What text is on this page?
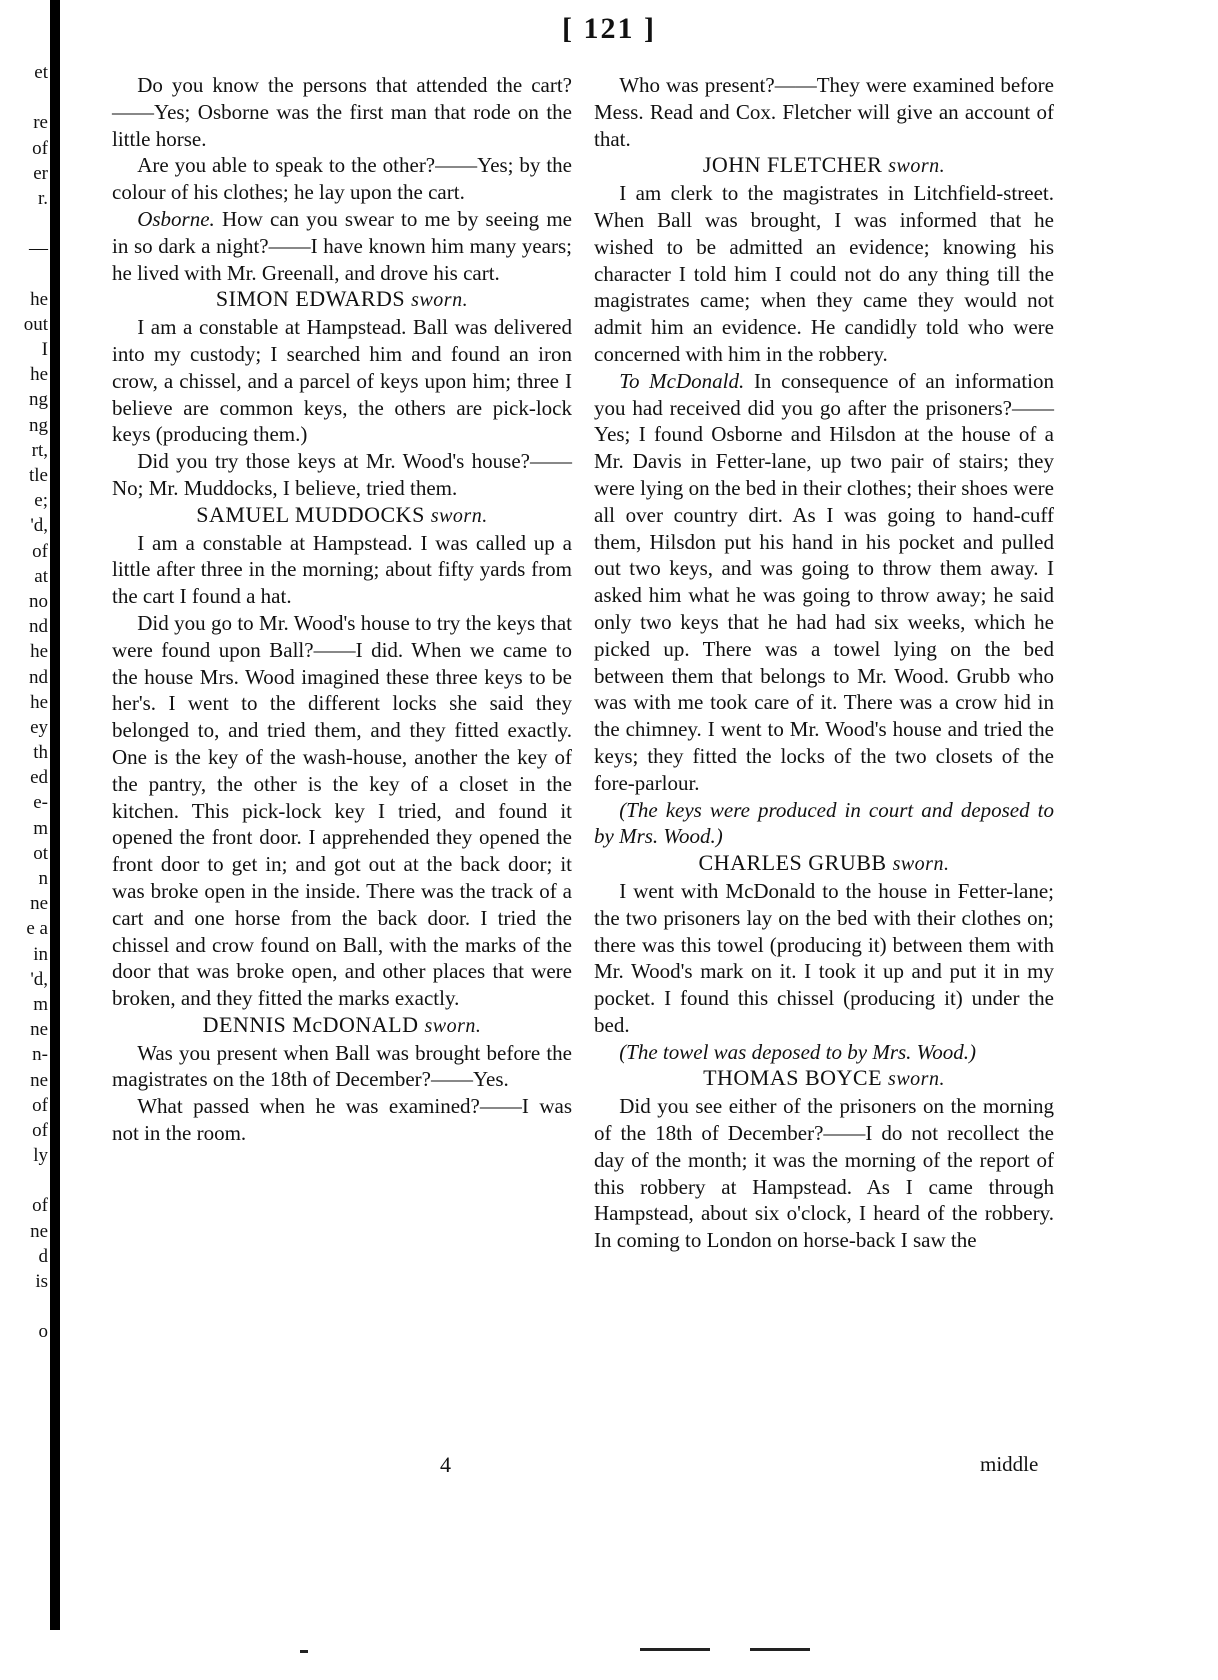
et
re
of
er
r.
—
he
out
I
he
ng
ng
rt,
tle
e;
'd,
of
at
no
nd
he
nd
he
ey
th
ed
e-
m
ot
n
ne
e a
in
'd,
m
ne
n-
ne
of
of
ly
of
ne
d
is
o
[ 121 ]

Do you know the persons that attended the cart?——Yes; Osborne was the first man that rode on the little horse.

Are you able to speak to the other?——Yes; by the colour of his clothes; he lay upon the cart.

Osborne. How can you swear to me by seeing me in so dark a night?——I have known him many years; he lived with Mr. Greenall, and drove his cart.

SIMON EDWARDS sworn.

I am a constable at Hampstead. Ball was delivered into my custody; I searched him and found an iron crow, a chissel, and a parcel of keys upon him; three I believe are common keys, the others are pick-lock keys (producing them.)

Did you try those keys at Mr. Wood's house?——No; Mr. Muddocks, I believe, tried them.

SAMUEL MUDDOCKS sworn.

I am a constable at Hampstead. I was called up a little after three in the morning; about fifty yards from the cart I found a hat.

Did you go to Mr. Wood's house to try the keys that were found upon Ball?——I did. When we came to the house Mrs. Wood imagined these three keys to be her's. I went to the different locks she said they belonged to, and tried them, and they fitted exactly. One is the key of the wash-house, another the key of the pantry, the other is the key of a closet in the kitchen. This pick-lock key I tried, and found it opened the front door. I apprehended they opened the front door to get in; and got out at the back door; it was broke open in the inside. There was the track of a cart and one horse from the back door. I tried the chissel and crow found on Ball, with the marks of the door that was broke open, and other places that were broken, and they fitted the marks exactly.

DENNIS McDONALD sworn.

Was you present when Ball was brought before the magistrates on the 18th of December?——Yes.

What passed when he was examined?——I was not in the room.

Who was present?——They were examined before Mess. Read and Cox. Fletcher will give an account of that.

JOHN FLETCHER sworn.

I am clerk to the magistrates in Litchfield-street. When Ball was brought, I was informed that he wished to be admitted an evidence; knowing his character I told him I could not do any thing till the magistrates came; when they came they would not admit him an evidence. He candidly told who were concerned with him in the robbery.

To McDonald. In consequence of an information you had received did you go after the prisoners?——Yes; I found Osborne and Hilsdon at the house of a Mr. Davis in Fetter-lane, up two pair of stairs; they were lying on the bed in their clothes; their shoes were all over country dirt. As I was going to hand-cuff them, Hilsdon put his hand in his pocket and pulled out two keys, and was going to throw them away. I asked him what he was going to throw away; he said only two keys that he had had six weeks, which he picked up. There was a towel lying on the bed between them that belongs to Mr. Wood. Grubb who was with me took care of it. There was a crow hid in the chimney. I went to Mr. Wood's house and tried the keys; they fitted the locks of the two closets of the fore-parlour.

(The keys were produced in court and deposed to by Mrs. Wood.)

CHARLES GRUBB sworn.

I went with McDonald to the house in Fetter-lane; the two prisoners lay on the bed with their clothes on; there was this towel (producing it) between them with Mr. Wood's mark on it. I took it up and put it in my pocket. I found this chissel (producing it) under the bed.

(The towel was deposed to by Mrs. Wood.)

THOMAS BOYCE sworn.

Did you see either of the prisoners on the morning of the 18th of December?——I do not recollect the day of the month; it was the morning of the report of this robbery at Hampstead. As I came through Hampstead, about six o'clock, I heard of the robbery. In coming to London on horse-back I saw the

4	middle
